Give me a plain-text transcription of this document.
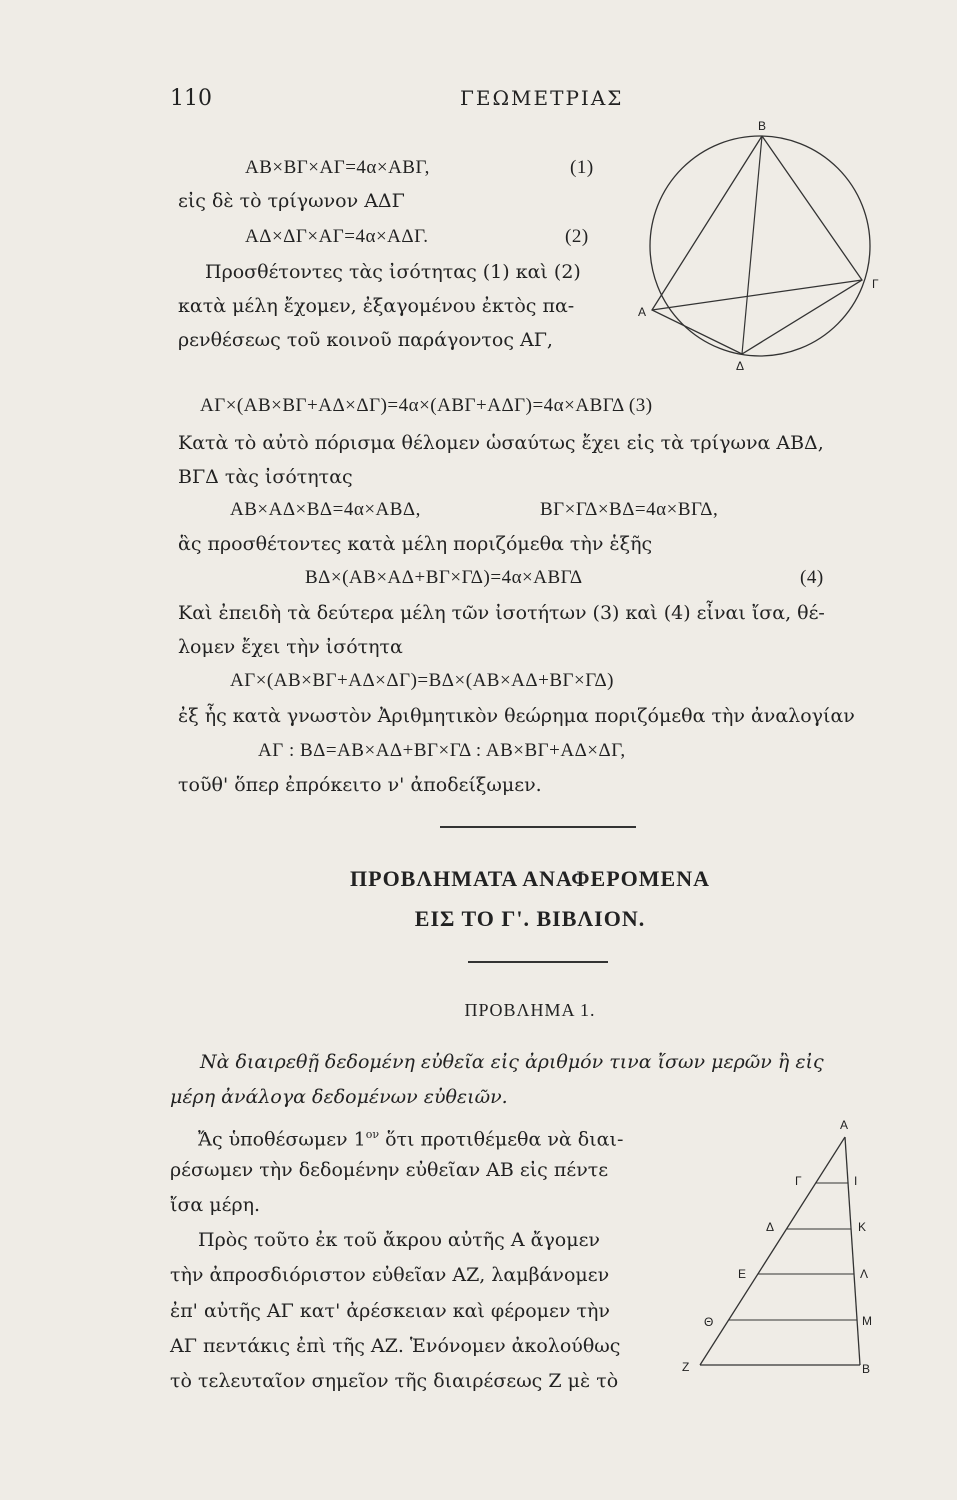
110	ΓΕΩΜΕΤΡΙΑΣ
ΑΒ×ΒΓ×ΑΓ=4α×ΑΒΓ,	(1)
εἰς δὲ τὸ τρίγωνον ΑΔΓ
ΑΔ×ΔΓ×ΑΓ=4α×ΑΔΓ.	(2)
Προσθέτοντες τὰς ἰσότητας (1) καὶ (2)
κατὰ μέλη ἔχομεν, ἐξαγομένου ἐκτὸς πα-
ρενθέσεως τοῦ κοινοῦ παράγοντος ΑΓ,
Β
Γ
Α
Δ
ΑΓ×(ΑΒ×ΒΓ+ΑΔ×ΔΓ)=4α×(ΑΒΓ+ΑΔΓ)=4α×ΑΒΓΔ (3)
Κατὰ τὸ αὐτὸ πόρισμα θέλομεν ὡσαύτως ἔχει εἰς τὰ τρίγωνα ΑΒΔ,
ΒΓΔ τὰς ἰσότητας
ΑΒ×ΑΔ×ΒΔ=4α×ΑΒΔ,	ΒΓ×ΓΔ×ΒΔ=4α×ΒΓΔ,
ἃς προσθέτοντες κατὰ μέλη ποριζόμεθα τὴν ἑξῆς
ΒΔ×(ΑΒ×ΑΔ+ΒΓ×ΓΔ)=4α×ΑΒΓΔ	(4)
Καὶ ἐπειδὴ τὰ δεύτερα μέλη τῶν ἰσοτήτων (3) καὶ (4) εἶναι ἴσα, θέ-
λομεν ἔχει τὴν ἰσότητα
ΑΓ×(ΑΒ×ΒΓ+ΑΔ×ΔΓ)=ΒΔ×(ΑΒ×ΑΔ+ΒΓ×ΓΔ)
ἐξ ἧς κατὰ γνωστὸν Ἀριθμητικὸν θεώρημα ποριζόμεθα τὴν ἀναλογίαν
ΑΓ : ΒΔ=ΑΒ×ΑΔ+ΒΓ×ΓΔ : ΑΒ×ΒΓ+ΑΔ×ΔΓ,
τοῦθ' ὅπερ ἐπρόκειτο ν' ἀποδείξωμεν.
ΠΡΟΒΛΗΜΑΤΑ ΑΝΑΦΕΡΟΜΕΝΑ
ΕΙΣ ΤΟ Γ'. ΒΙΒΛΙΟΝ.
ΠΡΟΒΛΗΜΑ 1.
Νὰ διαιρεθῇ δεδομένη εὐθεῖα εἰς ἀριθμόν τινα ἴσων μερῶν ἢ εἰς
μέρη ἀνάλογα δεδομένων εὐθειῶν.
Ἄς ὑποθέσωμεν $1^{o\nu}$ ὅτι προτιθέμεθα νὰ διαι-
ρέσωμεν τὴν δεδομένην εὐθεῖαν ΑΒ εἰς πέντε
ἴσα μέρη.
Πρὸς τοῦτο ἐκ τοῦ ἄκρου αὐτῆς Α ἄγομεν
τὴν ἀπροσδιόριστον εὐθεῖαν ΑΖ, λαμβάνομεν
ἐπ' αὐτῆς ΑΓ κατ' ἀρέσκειαν καὶ φέρομεν τὴν
ΑΓ πεντάκις ἐπὶ τῆς ΑΖ. Ἑνόνομεν ἀκολούθως
τὸ τελευταῖον σημεῖον τῆς διαιρέσεως Ζ μὲ τὸ
Α
Γ	Ι
Δ	Κ
Ε	Λ
Θ	Μ
Ζ	Β
